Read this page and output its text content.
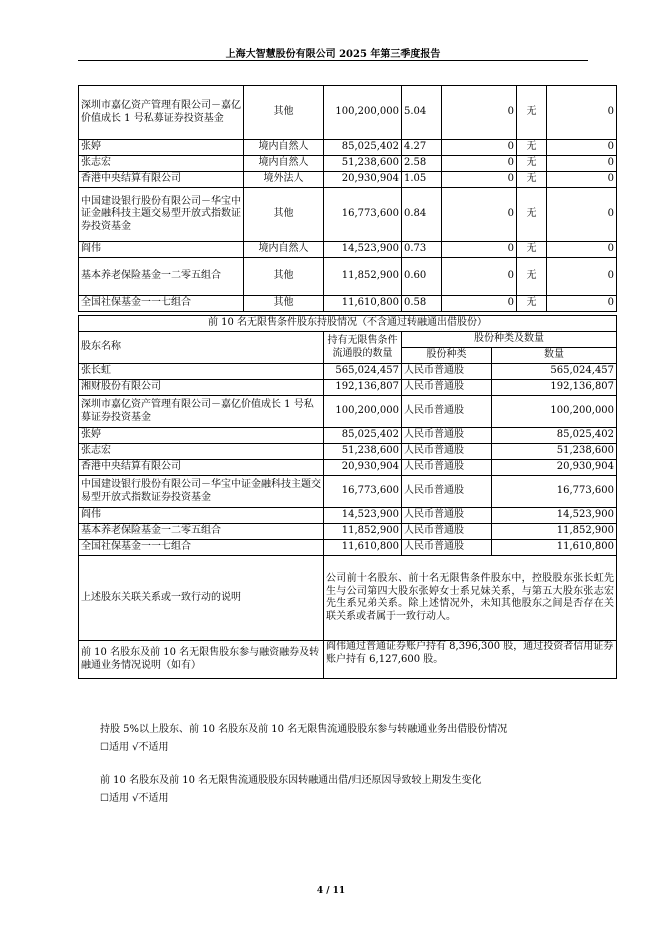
上海大智慧股份有限公司 2025 年第三季度报告
深圳市嘉亿资产管理有限公司－嘉亿价值成长 1 号私募证券投资基金	其他	100,200,000	5.04	0	无	0
张婷	境内自然人	85,025,402	4.27	0	无	0
张志宏	境内自然人	51,238,600	2.58	0	无	0
香港中央结算有限公司	境外法人	20,930,904	1.05	0	无	0
中国建设银行股份有限公司－华宝中证金融科技主题交易型开放式指数证券投资基金	其他	16,773,600	0.84	0	无	0
阎伟	境内自然人	14,523,900	0.73	0	无	0
基本养老保险基金一二零五组合	其他	11,852,900	0.60	0	无	0
全国社保基金一一七组合	其他	11,610,800	0.58	0	无	0
前 10 名无限售条件股东持股情况（不含通过转融通出借股份）			
股东名称	持有无限售条件流通股的数量	股份种类及数量	
		股份种类	数量
张长虹	565,024,457	人民币普通股	565,024,457
湘财股份有限公司	192,136,807	人民币普通股	192,136,807
深圳市嘉亿资产管理有限公司－嘉亿价值成长 1 号私募证券投资基金	100,200,000	人民币普通股	100,200,000
张婷	85,025,402	人民币普通股	85,025,402
张志宏	51,238,600	人民币普通股	51,238,600
香港中央结算有限公司	20,930,904	人民币普通股	20,930,904
中国建设银行股份有限公司－华宝中证金融科技主题交易型开放式指数证券投资基金	16,773,600	人民币普通股	16,773,600
阎伟	14,523,900	人民币普通股	14,523,900
基本养老保险基金一二零五组合	11,852,900	人民币普通股	11,852,900
全国社保基金一一七组合	11,610,800	人民币普通股	11,610,800
上述股东关联关系或一致行动的说明	公司前十名股东、前十名无限售条件股东中，控股股东张长虹先生与公司第四大股东张婷女士系兄妹关系，与第五大股东张志宏先生系兄弟关系。除上述情况外，未知其他股东之间是否存在关联关系或者属于一致行动人。		
前 10 名股东及前 10 名无限售股东参与融资融券及转融通业务情况说明（如有）	阎伟通过普通证券账户持有 8,396,300 股，通过投资者信用证券账户持有 6,127,600 股。		
持股 5%以上股东、前 10 名股东及前 10 名无限售流通股股东参与转融通业务出借股份情况
☐适用 √不适用
前 10 名股东及前 10 名无限售流通股股东因转融通出借/归还原因导致较上期发生变化
☐适用 √不适用
4 / 11
